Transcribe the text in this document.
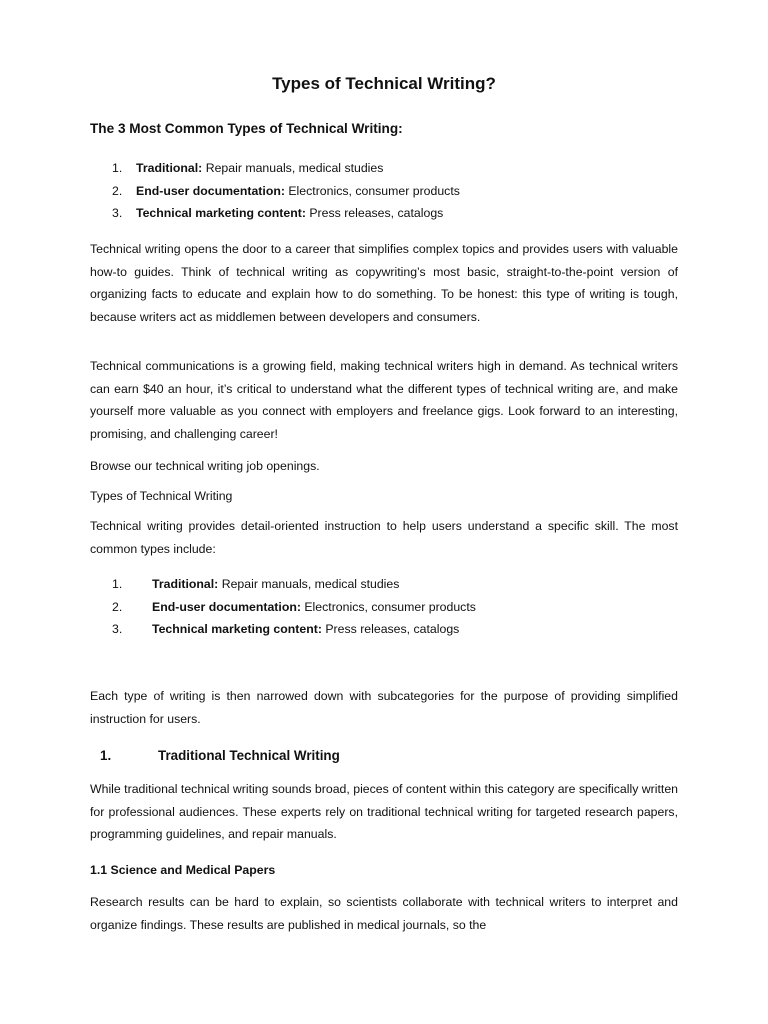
Types of Technical Writing?
The 3 Most Common Types of Technical Writing:
1. Traditional: Repair manuals, medical studies
2. End-user documentation: Electronics, consumer products
3. Technical marketing content: Press releases, catalogs

Technical writing opens the door to a career that simplifies complex topics and provides users with valuable how-to guides. Think of technical writing as copywriting’s most basic, straight-to-the-point version of organizing facts to educate and explain how to do something. To be honest: this type of writing is tough, because writers act as middlemen between developers and consumers.

Technical communications is a growing field, making technical writers high in demand. As technical writers can earn $40 an hour, it’s critical to understand what the different types of technical writing are, and make yourself more valuable as you connect with employers and freelance gigs. Look forward to an interesting, promising, and challenging career!

Browse our technical writing job openings.

Types of Technical Writing

Technical writing provides detail-oriented instruction to help users understand a specific skill. The most common types include:

1. Traditional: Repair manuals, medical studies
2. End-user documentation: Electronics, consumer products
3. Technical marketing content: Press releases, catalogs

Each type of writing is then narrowed down with subcategories for the purpose of providing simplified instruction for users.

1.	Traditional Technical Writing

While traditional technical writing sounds broad, pieces of content within this category are specifically written for professional audiences. These experts rely on traditional technical writing for targeted research papers, programming guidelines, and repair manuals.

1.1 Science and Medical Papers

Research results can be hard to explain, so scientists collaborate with technical writers to interpret and organize findings. These results are published in medical journals, so the
